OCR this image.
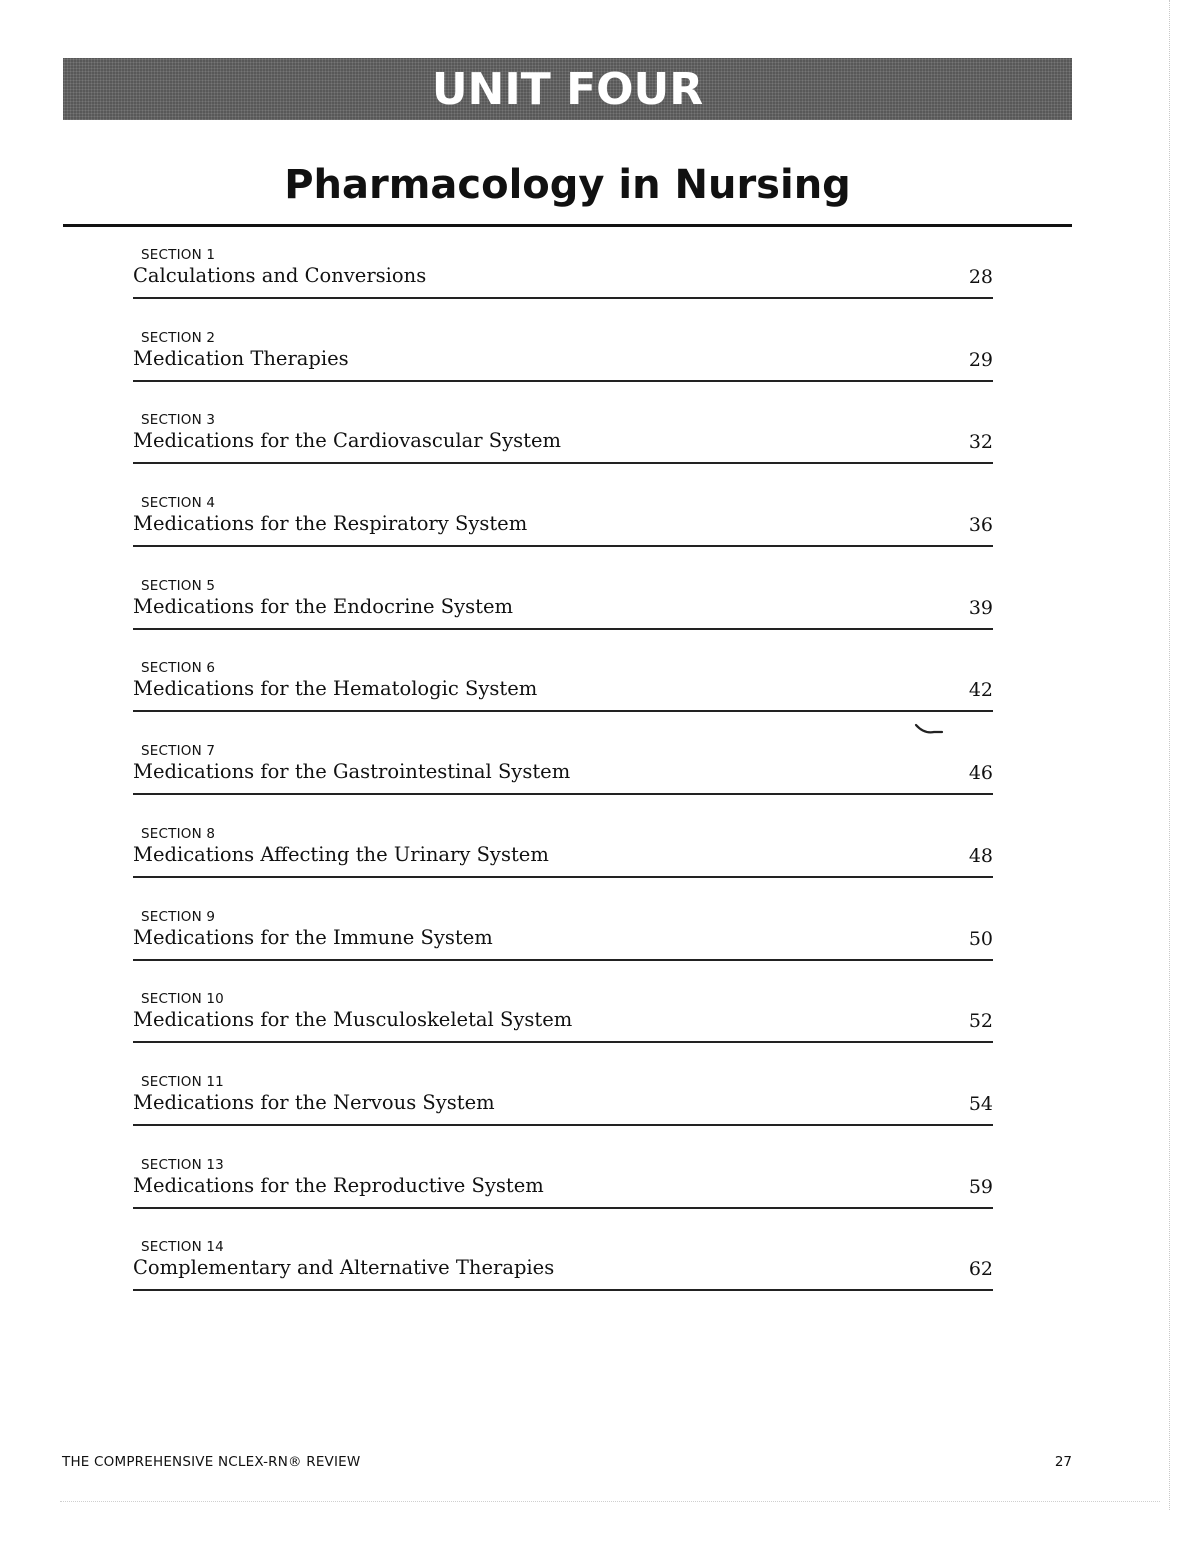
UNIT FOUR
Pharmacology in Nursing
SECTION 1
Calculations and Conversions	28
SECTION 2
Medication Therapies	29
SECTION 3
Medications for the Cardiovascular System	32
SECTION 4
Medications for the Respiratory System	36
SECTION 5
Medications for the Endocrine System	39
SECTION 6
Medications for the Hematologic System	42
SECTION 7
Medications for the Gastrointestinal System	46
SECTION 8
Medications Affecting the Urinary System	48
SECTION 9
Medications for the Immune System	50
SECTION 10
Medications for the Musculoskeletal System	52
SECTION 11
Medications for the Nervous System	54
SECTION 13
Medications for the Reproductive System	59
SECTION 14
Complementary and Alternative Therapies	62
THE COMPREHENSIVE NCLEX-RN® REVIEW	27
